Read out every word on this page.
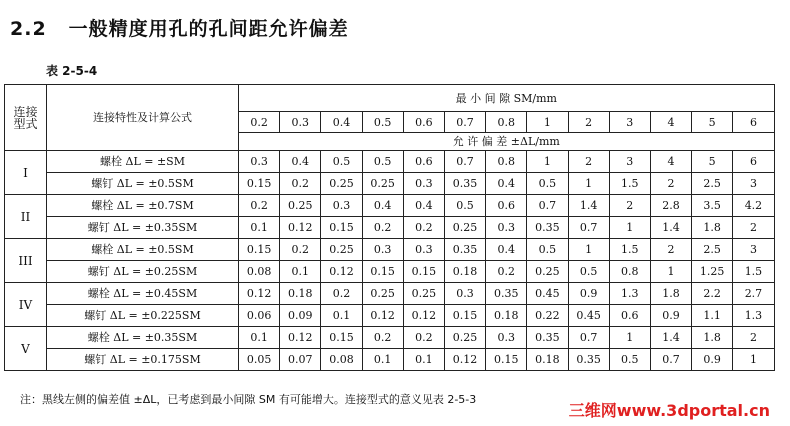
2.2 一般精度用孔的孔间距允许偏差
表 2-5-4
连接型式	连接特性及计算公式	最 小 间 隙 SM/mm												
		0.2	0.3	0.4	0.5	0.6	0.7	0.8	1	2	3	4	5	6
		允 许 偏 差 ±ΔL/mm												
I	螺栓 ΔL = ±SM	0.3	0.4	0.5	0.5	0.6	0.7	0.8	1	2	3	4	5	6
	螺钉 ΔL = ±0.5SM	0.15	0.2	0.25	0.25	0.3	0.35	0.4	0.5	1	1.5	2	2.5	3
II	螺栓 ΔL = ±0.7SM	0.2	0.25	0.3	0.4	0.4	0.5	0.6	0.7	1.4	2	2.8	3.5	4.2
	螺钉 ΔL = ±0.35SM	0.1	0.12	0.15	0.2	0.2	0.25	0.3	0.35	0.7	1	1.4	1.8	2
III	螺栓 ΔL = ±0.5SM	0.15	0.2	0.25	0.3	0.3	0.35	0.4	0.5	1	1.5	2	2.5	3
	螺钉 ΔL = ±0.25SM	0.08	0.1	0.12	0.15	0.15	0.18	0.2	0.25	0.5	0.8	1	1.25	1.5
IV	螺栓 ΔL = ±0.45SM	0.12	0.18	0.2	0.25	0.25	0.3	0.35	0.45	0.9	1.3	1.8	2.2	2.7
	螺钉 ΔL = ±0.225SM	0.06	0.09	0.1	0.12	0.12	0.15	0.18	0.22	0.45	0.6	0.9	1.1	1.3
V	螺栓 ΔL = ±0.35SM	0.1	0.12	0.15	0.2	0.2	0.25	0.3	0.35	0.7	1	1.4	1.8	2
	螺钉 ΔL = ±0.175SM	0.05	0.07	0.08	0.1	0.1	0.12	0.15	0.18	0.35	0.5	0.7	0.9	1
注：黑线左侧的偏差值 ±ΔL，已考虑到最小间隙 SM 有可能增大。连接型式的意义见表 2-5-3
三维网www.3dportal.cn
